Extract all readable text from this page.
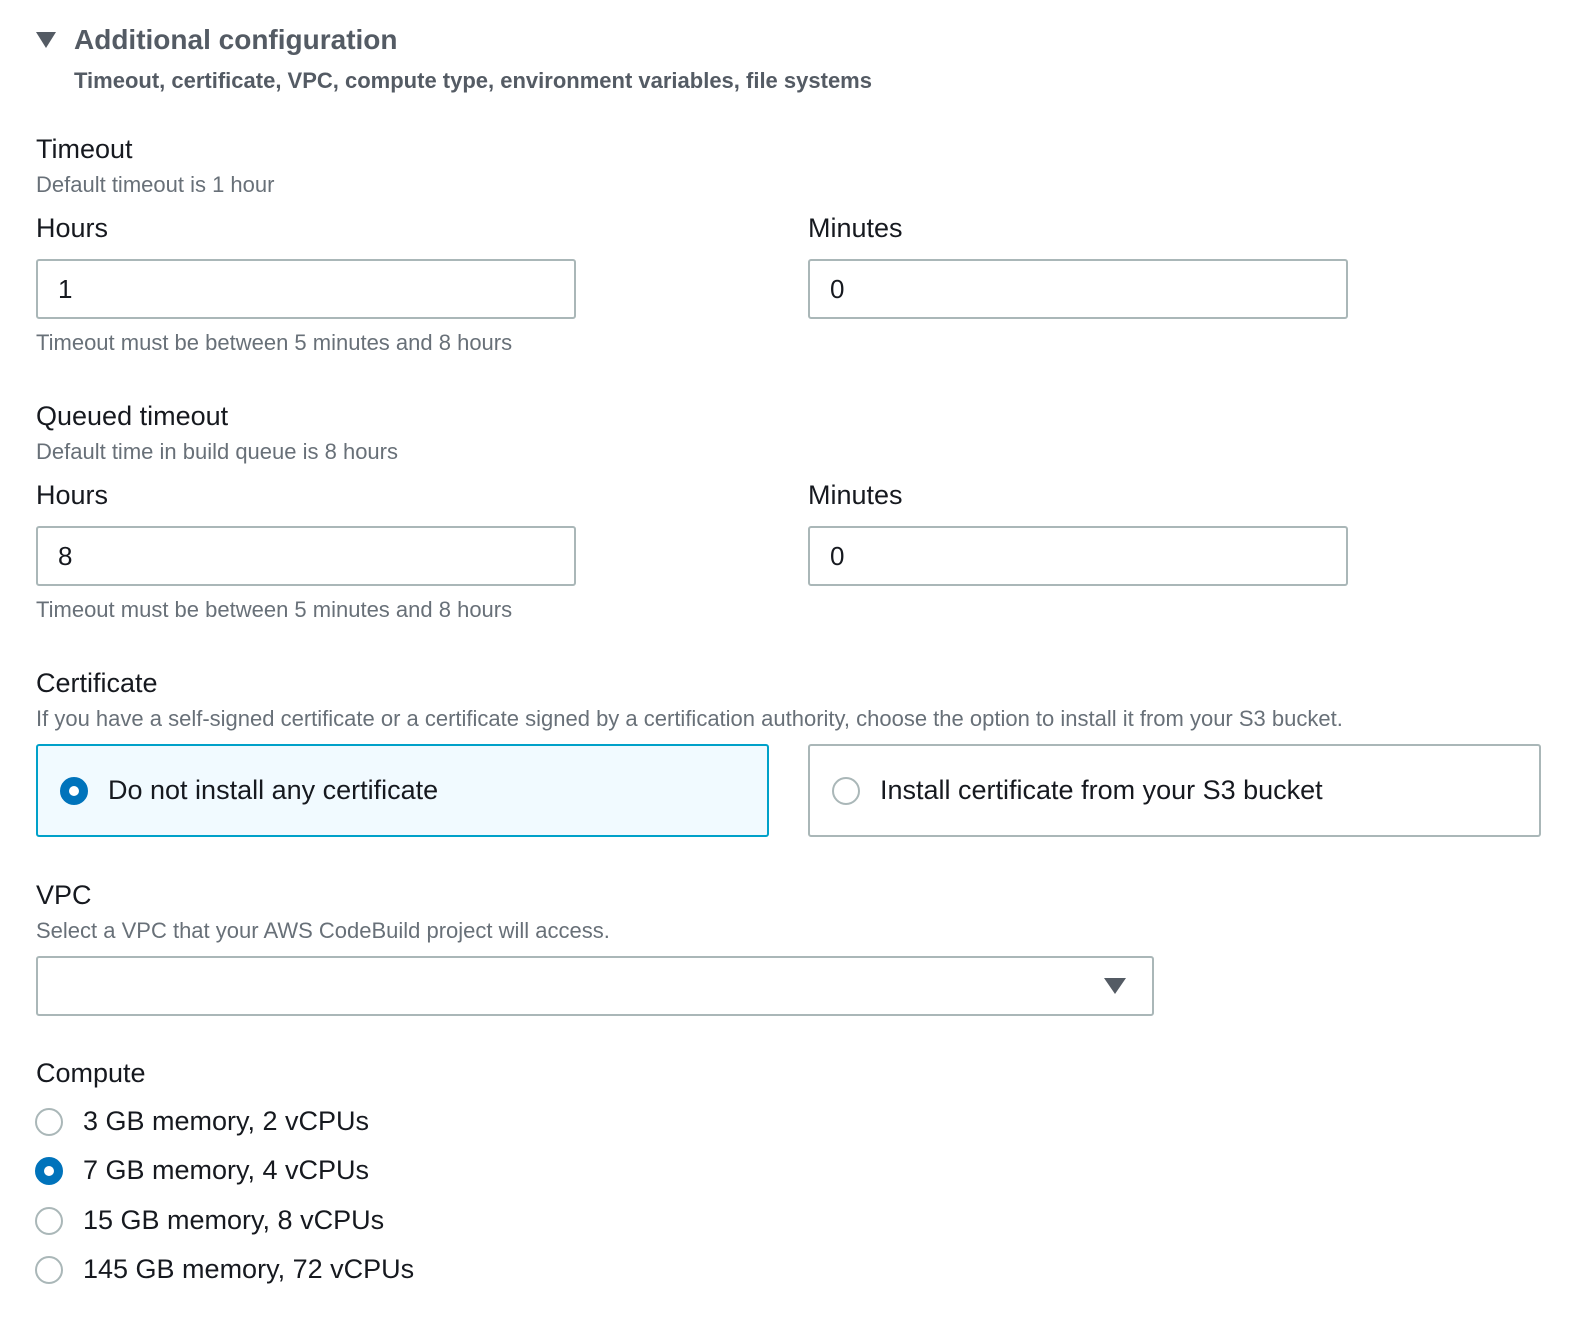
Additional configuration
Timeout, certificate, VPC, compute type, environment variables, file systems
Timeout
Default timeout is 1 hour
Hours	Minutes
1	0
Timeout must be between 5 minutes and 8 hours
Queued timeout
Default time in build queue is 8 hours
Hours	Minutes
8	0
Timeout must be between 5 minutes and 8 hours
Certificate
If you have a self-signed certificate or a certificate signed by a certification authority, choose the option to install it from your S3 bucket.
Do not install any certificate	Install certificate from your S3 bucket
VPC
Select a VPC that your AWS CodeBuild project will access.
Compute
3 GB memory, 2 vCPUs
7 GB memory, 4 vCPUs
15 GB memory, 8 vCPUs
145 GB memory, 72 vCPUs
